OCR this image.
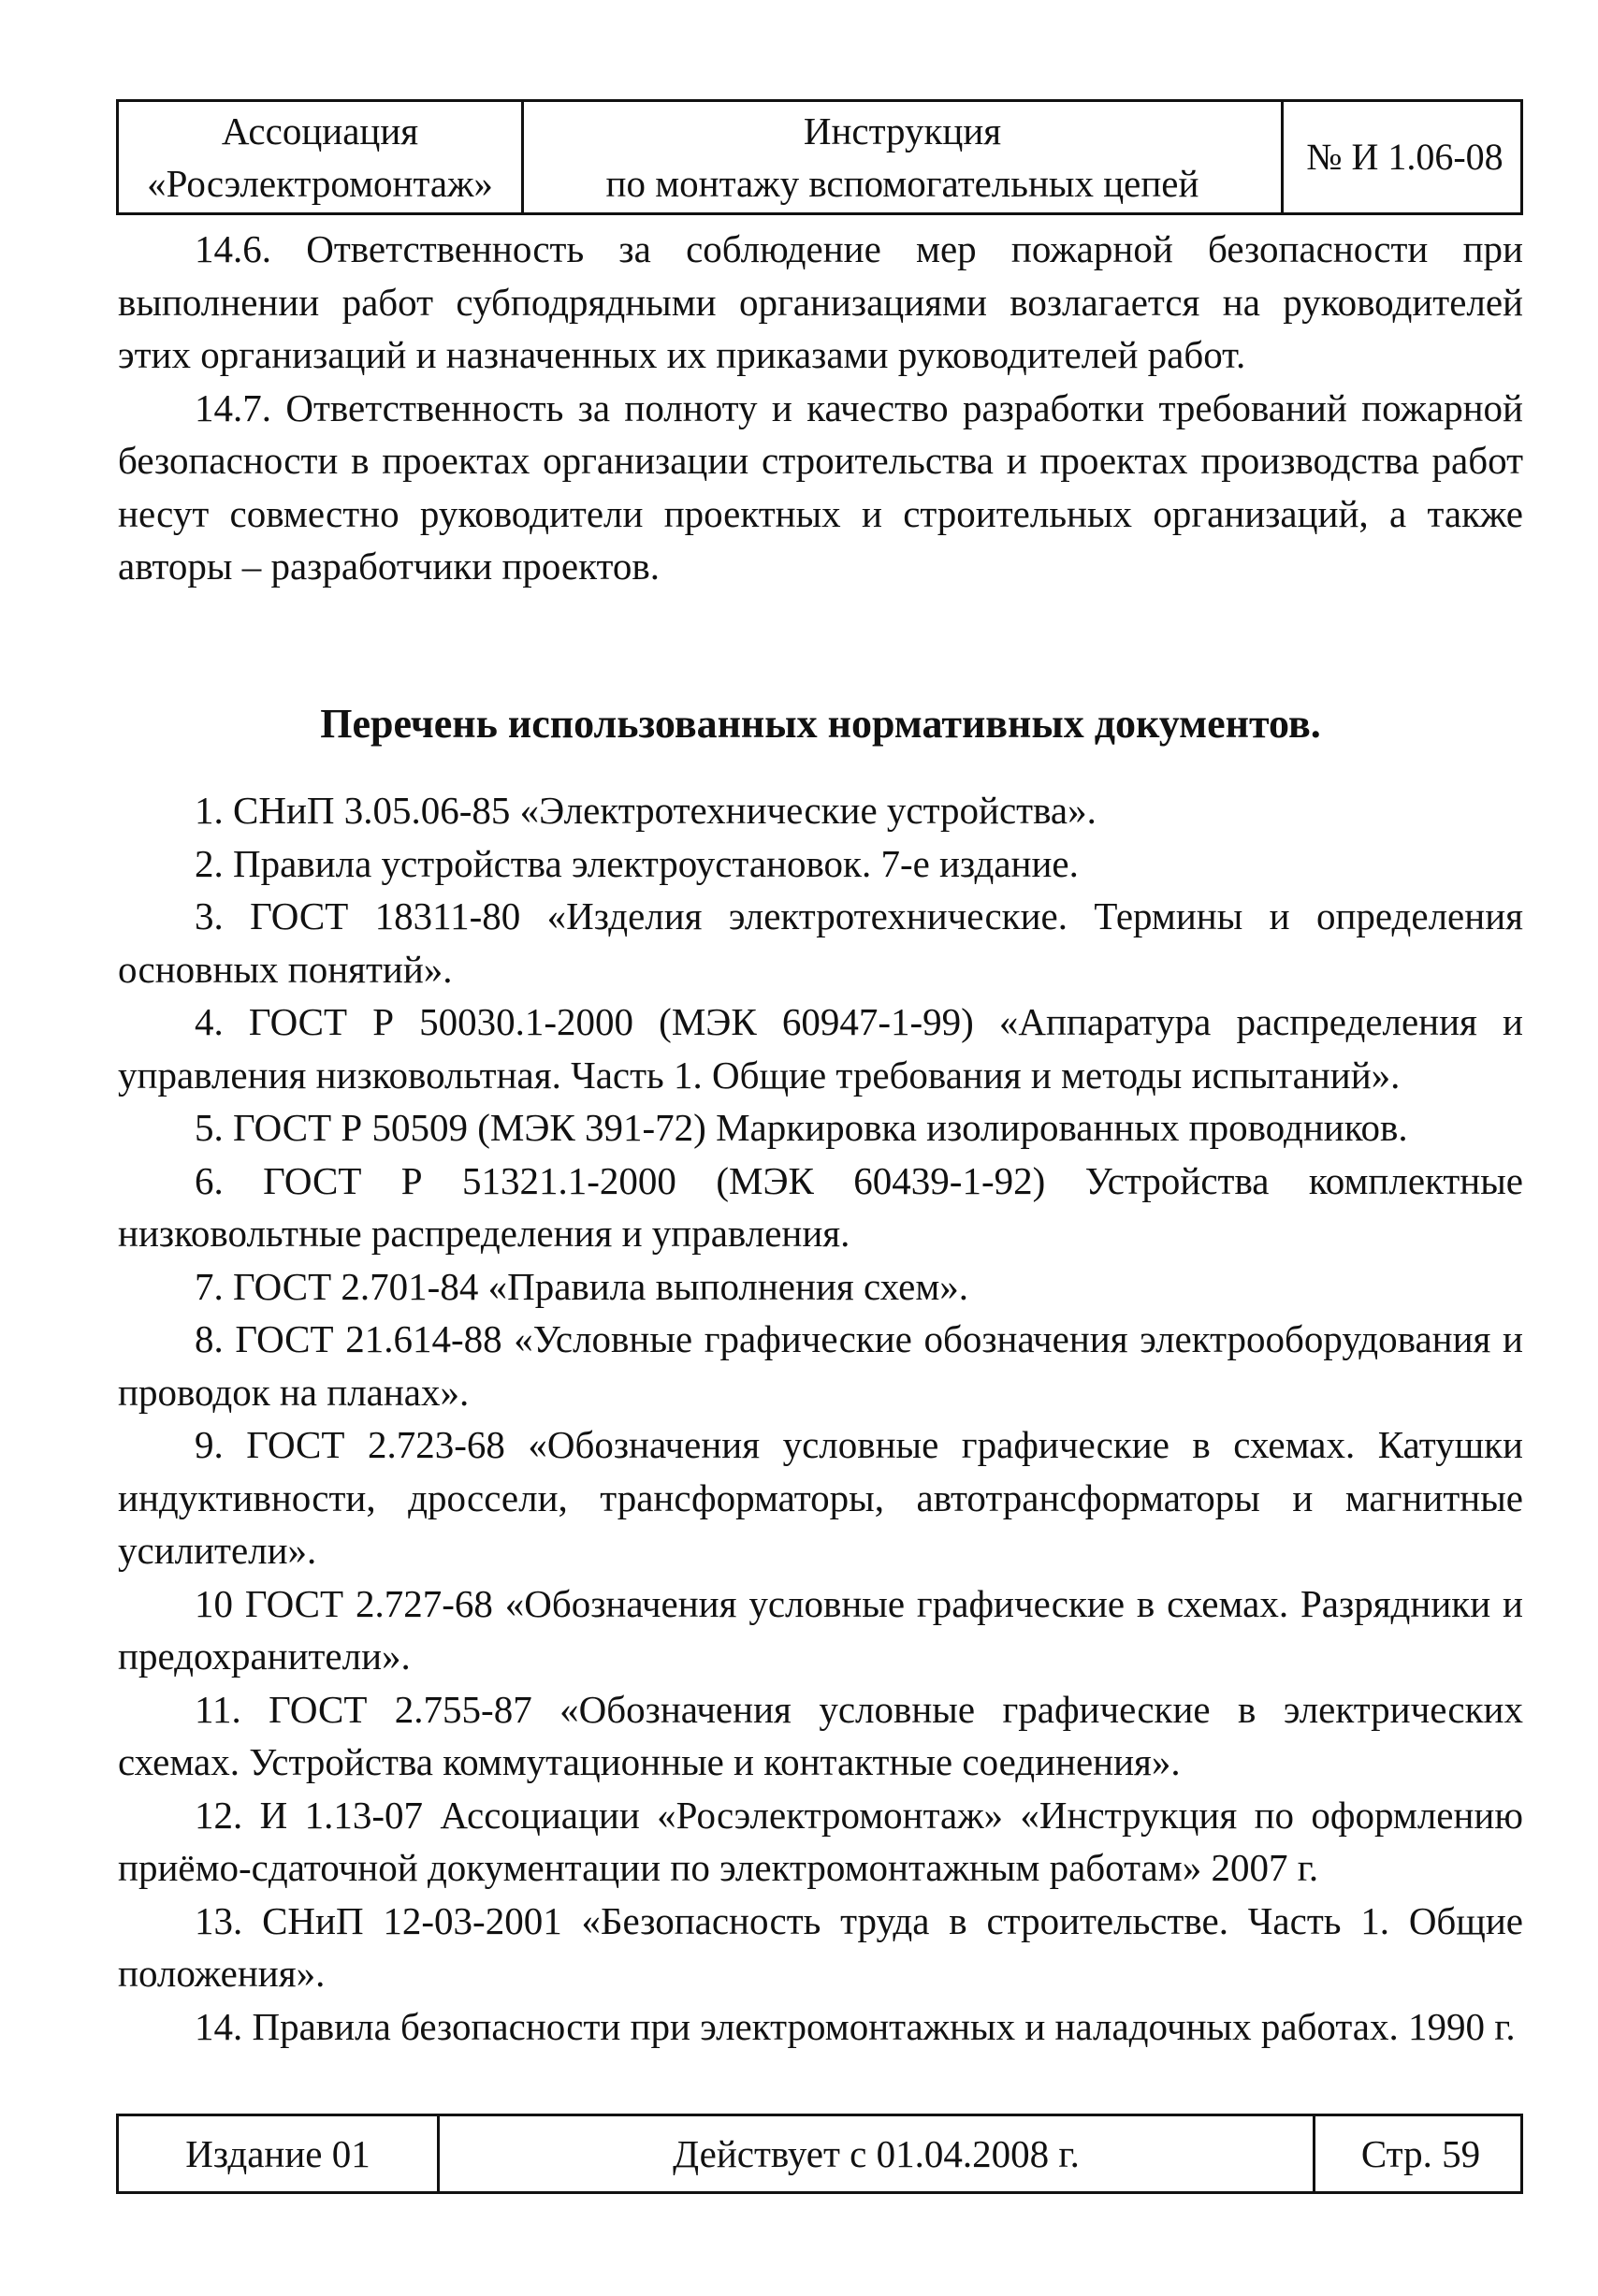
Ассоциация
«Росэлектромонтаж»
Инструкция
по монтажу вспомогательных цепей
№ И 1.06-08

14.6. Ответственность за соблюдение мер пожарной безопасности при выполнении работ субподрядными организациями возлагается на руководителей этих организаций и назначенных их приказами руководителей работ.

14.7. Ответственность за полноту и качество разработки требований пожарной безопасности в проектах организации строительства и проектах производства работ несут совместно руководители проектных и строительных организаций, а также авторы – разработчики проектов.

Перечень использованных нормативных документов.

1. СНиП 3.05.06-85 «Электротехнические устройства».
2. Правила устройства электроустановок. 7-е издание.
3. ГОСТ 18311-80 «Изделия электротехнические. Термины и определения основных понятий».
4. ГОСТ Р 50030.1-2000 (МЭК 60947-1-99) «Аппаратура распределения и управления низковольтная. Часть 1. Общие требования и методы испытаний».
5. ГОСТ Р 50509 (МЭК 391-72) Маркировка изолированных проводников.
6. ГОСТ Р 51321.1-2000 (МЭК 60439-1-92) Устройства комплектные низковольтные распределения и управления.
7. ГОСТ 2.701-84 «Правила выполнения схем».
8. ГОСТ 21.614-88 «Условные графические обозначения электрооборудования и проводок на планах».
9. ГОСТ 2.723-68 «Обозначения условные графические в схемах. Катушки индуктивности, дроссели, трансформаторы, автотрансформаторы и магнитные усилители».
10 ГОСТ 2.727-68 «Обозначения условные графические в схемах. Разрядники и предохранители».
11. ГОСТ 2.755-87 «Обозначения условные графические в электрических схемах. Устройства коммутационные и контактные соединения».
12. И 1.13-07 Ассоциации «Росэлектромонтаж» «Инструкция по оформлению приёмо-сдаточной документации по электромонтажным работам» 2007 г.
13. СНиП 12-03-2001 «Безопасность труда в строительстве. Часть 1. Общие положения».
14. Правила безопасности при электромонтажных и наладочных работах. 1990 г.
Издание 01	Действует с 01.04.2008 г.	Стр. 59
